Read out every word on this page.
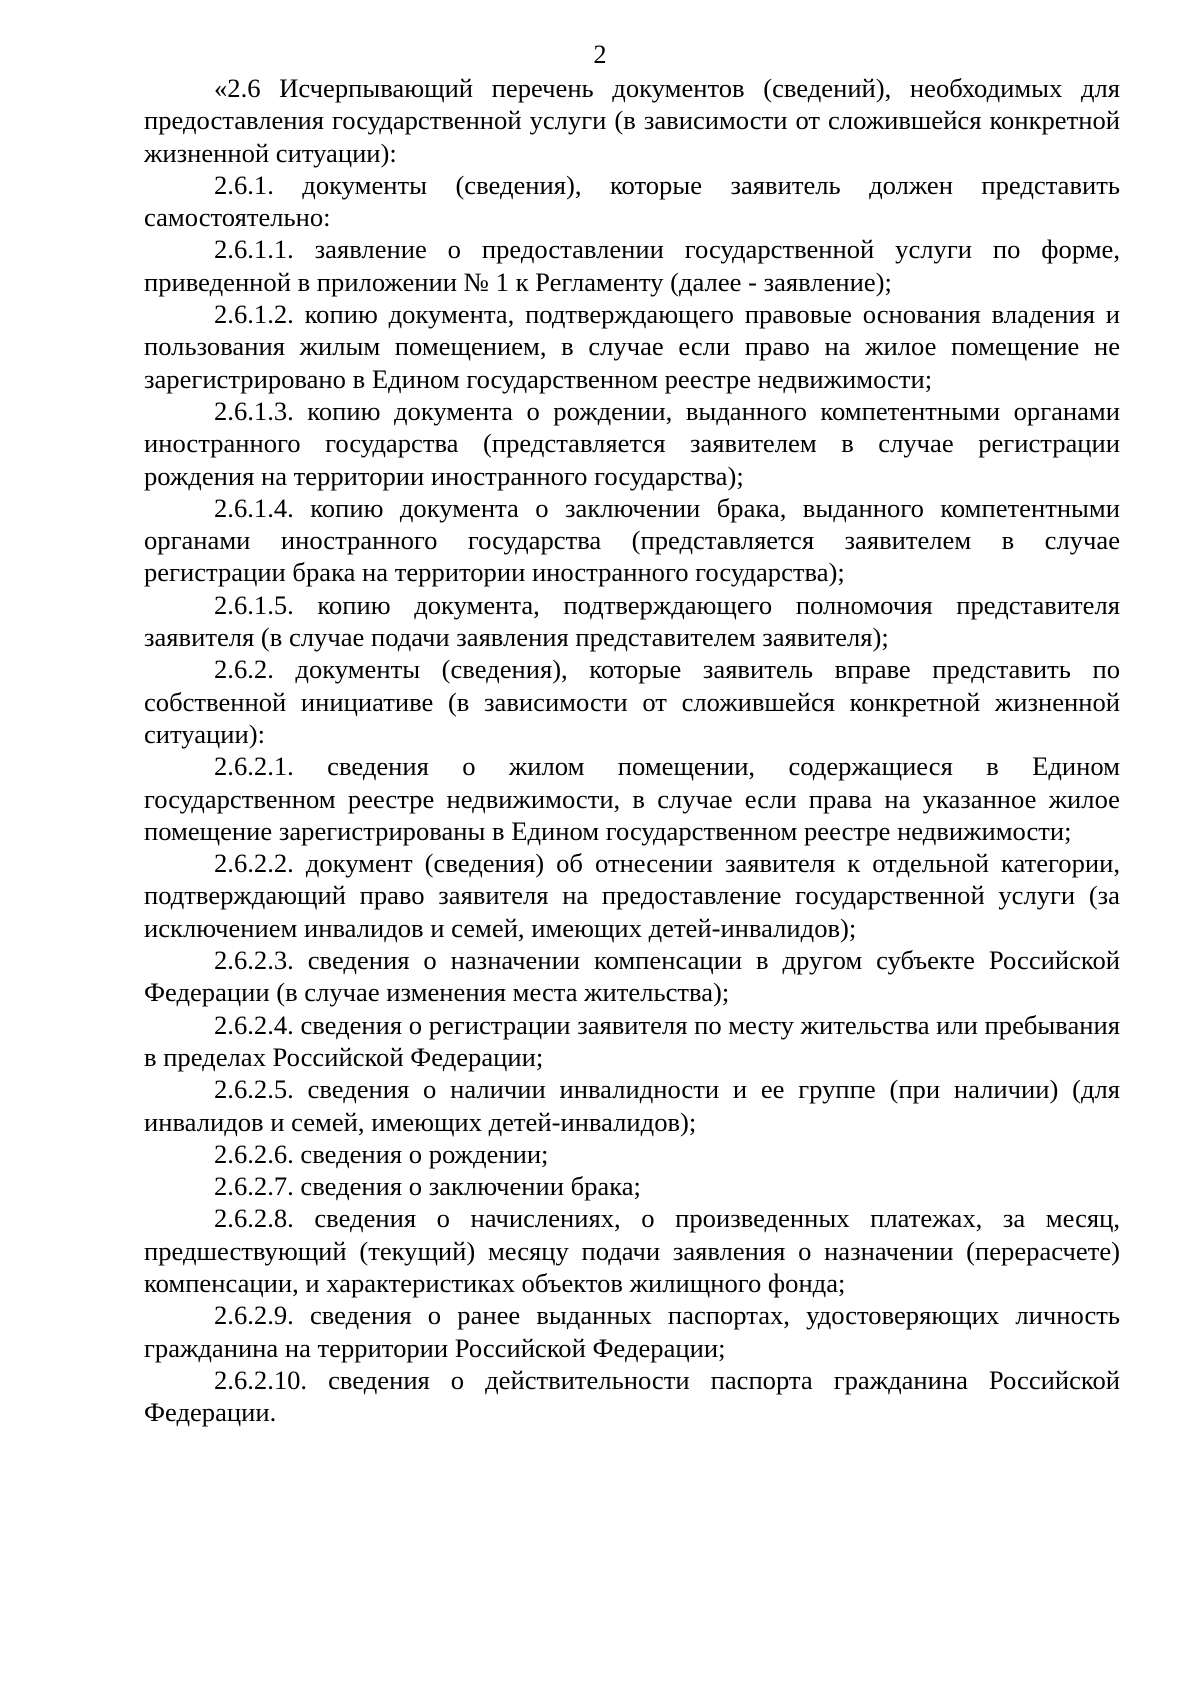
2

«2.6 Исчерпывающий перечень документов (сведений), необходимых для предоставления государственной услуги (в зависимости от сложившейся конкретной жизненной ситуации):

2.6.1. документы (сведения), которые заявитель должен представить самостоятельно:

2.6.1.1. заявление о предоставлении государственной услуги по форме, приведенной в приложении № 1 к Регламенту (далее - заявление);

2.6.1.2. копию документа, подтверждающего правовые основания владения и пользования жилым помещением, в случае если право на жилое помещение не зарегистрировано в Едином государственном реестре недвижимости;

2.6.1.3. копию документа о рождении, выданного компетентными органами иностранного государства (представляется заявителем в случае регистрации рождения на территории иностранного государства);

2.6.1.4. копию документа о заключении брака, выданного компетентными органами иностранного государства (представляется заявителем в случае регистрации брака на территории иностранного государства);

2.6.1.5. копию документа, подтверждающего полномочия представителя заявителя (в случае подачи заявления представителем заявителя);

2.6.2. документы (сведения), которые заявитель вправе представить по собственной инициативе (в зависимости от сложившейся конкретной жизненной ситуации):

2.6.2.1. сведения о жилом помещении, содержащиеся в Едином государственном реестре недвижимости, в случае если права на указанное жилое помещение зарегистрированы в Едином государственном реестре недвижимости;

2.6.2.2. документ (сведения) об отнесении заявителя к отдельной категории, подтверждающий право заявителя на предоставление государственной услуги (за исключением инвалидов и семей, имеющих детей-инвалидов);

2.6.2.3. сведения о назначении компенсации в другом субъекте Российской Федерации (в случае изменения места жительства);

2.6.2.4. сведения о регистрации заявителя по месту жительства или пребывания в пределах Российской Федерации;

2.6.2.5. сведения о наличии инвалидности и ее группе (при наличии) (для инвалидов и семей, имеющих детей-инвалидов);

2.6.2.6. сведения о рождении;

2.6.2.7. сведения о заключении брака;

2.6.2.8. сведения о начислениях, о произведенных платежах, за месяц, предшествующий (текущий) месяцу подачи заявления о назначении (перерасчете) компенсации, и характеристиках объектов жилищного фонда;

2.6.2.9. сведения о ранее выданных паспортах, удостоверяющих личность гражданина на территории Российской Федерации;

2.6.2.10. сведения о действительности паспорта гражданина Российской Федерации.
